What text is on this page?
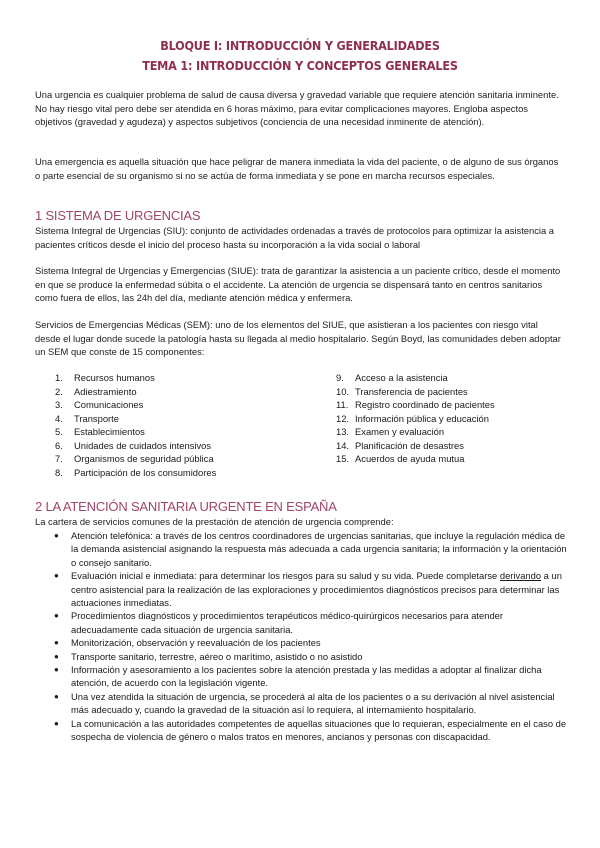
BLOQUE I: INTRODUCCIÓN Y GENERALIDADES
TEMA 1: INTRODUCCIÓN Y CONCEPTOS GENERALES

Una urgencia es cualquier problema de salud de causa diversa y gravedad variable que requiere atención sanitaria inminente. No hay riesgo vital pero debe ser atendida en 6 horas máximo, para evitar complicaciones mayores. Engloba aspectos objetivos (gravedad y agudeza) y aspectos subjetivos (conciencia de una necesidad inminente de atención).

Una emergencia es aquella situación que hace peligrar de manera inmediata la vida del paciente, o de alguno de sus órganos o parte esencial de su organismo si no se actúa de forma inmediata y se pone en marcha recursos especiales.

1 SISTEMA DE URGENCIAS

Sistema Integral de Urgencias (SIU): conjunto de actividades ordenadas a través de protocolos para optimizar la asistencia a pacientes críticos desde el inicio del proceso hasta su incorporación a la vida social o laboral

Sistema Integral de Urgencias y Emergencias (SIUE): trata de garantizar la asistencia a un paciente crítico, desde el momento en que se produce la enfermedad súbita o el accidente. La atención de urgencia se dispensará tanto en centros sanitarios como fuera de ellos, las 24h del día, mediante atención médica y enfermera.

Servicios de Emergencias Médicas (SEM): uno de los elementos del SIUE, que asistieran a los pacientes con riesgo vital desde el lugar donde sucede la patología hasta su llegada al medio hospitalario. Según Boyd, las comunidades deben adoptar un SEM que conste de 15 componentes:

1. Recursos humanos
2. Adiestramiento
3. Comunicaciones
4. Transporte
5. Establecimientos
6. Unidades de cuidados intensivos
7. Organismos de seguridad pública
8. Participación de los consumidores
9. Acceso a la asistencia
10. Transferencia de pacientes
11. Registro coordinado de pacientes
12. Información pública y educación
13. Examen y evaluación
14. Planificación de desastres
15. Acuerdos de ayuda mutua
2 LA ATENCIÓN SANITARIA URGENTE EN ESPAÑA

La cartera de servicios comunes de la prestación de atención de urgencia comprende:

● Atención telefónica: a través de los centros coordinadores de urgencias sanitarias, que incluye la regulación médica de la demanda asistencial asignando la respuesta más adecuada a cada urgencia sanitaria; la información y la orientación o consejo sanitario.
● Evaluación inicial e inmediata: para determinar los riesgos para su salud y su vida. Puede completarse derivando a un centro asistencial para la realización de las exploraciones y procedimientos diagnósticos precisos para determinar las actuaciones inmediatas.
● Procedimientos diagnósticos y procedimientos terapéuticos médico-quirúrgicos necesarios para atender adecuadamente cada situación de urgencia sanitaria.
● Monitorización, observación y reevaluación de los pacientes
● Transporte sanitario, terrestre, aéreo o marítimo, asistido o no asistido
● Información y asesoramiento a los pacientes sobre la atención prestada y las medidas a adoptar al finalizar dicha atención, de acuerdo con la legislación vigente.
● Una vez atendida la situación de urgencia, se procederá al alta de los pacientes o a su derivación al nivel asistencial más adecuado y, cuando la gravedad de la situación así lo requiera, al internamiento hospitalario.
● La comunicación a las autoridades competentes de aquellas situaciones que lo requieran, especialmente en el caso de sospecha de violencia de género o malos tratos en menores, ancianos y personas con discapacidad.
